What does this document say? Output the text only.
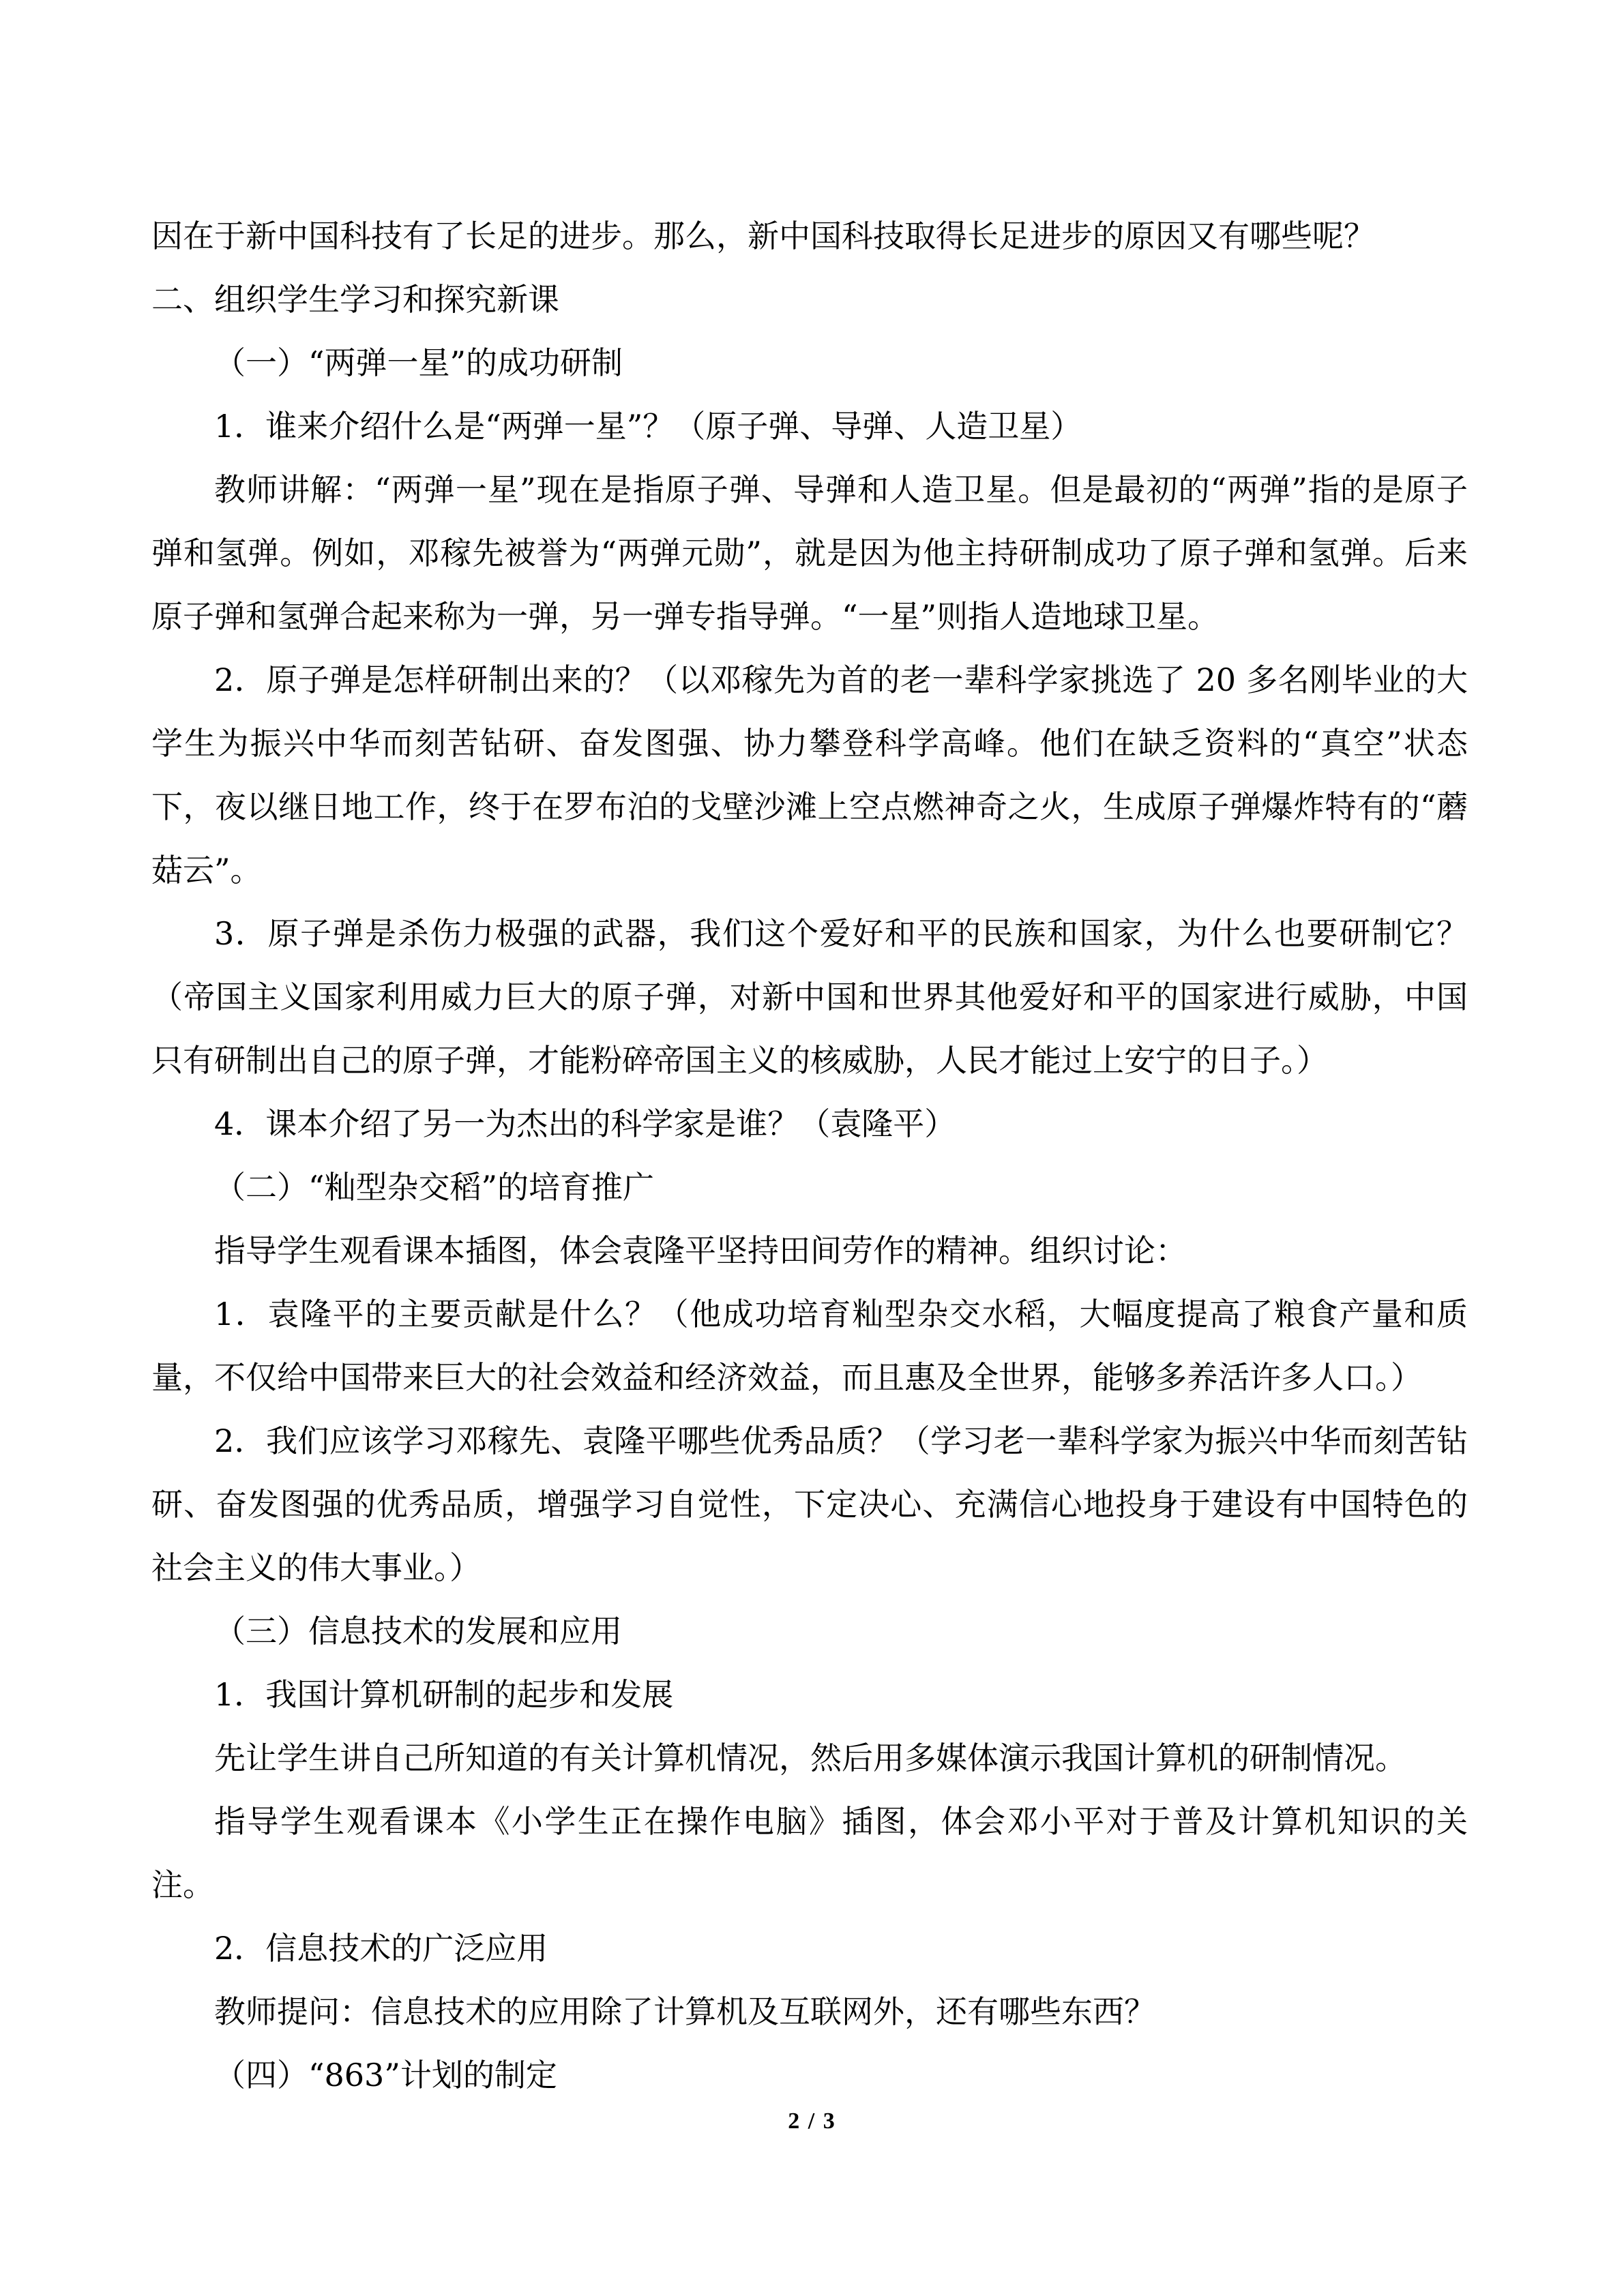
因在于新中国科技有了长足的进步。那么，新中国科技取得长足进步的原因又有哪些呢？

二、组织学生学习和探究新课

（一）“两弹一星”的成功研制

1．谁来介绍什么是“两弹一星”？（原子弹、导弹、人造卫星）

教师讲解：“两弹一星”现在是指原子弹、导弹和人造卫星。但是最初的“两弹”指的是原子弹和氢弹。例如，邓稼先被誉为“两弹元勋”，就是因为他主持研制成功了原子弹和氢弹。后来原子弹和氢弹合起来称为一弹，另一弹专指导弹。“一星”则指人造地球卫星。

2．原子弹是怎样研制出来的？（以邓稼先为首的老一辈科学家挑选了 20 多名刚毕业的大学生为振兴中华而刻苦钻研、奋发图强、协力攀登科学高峰。他们在缺乏资料的“真空”状态下，夜以继日地工作，终于在罗布泊的戈壁沙滩上空点燃神奇之火，生成原子弹爆炸特有的“蘑菇云”。

3．原子弹是杀伤力极强的武器，我们这个爱好和平的民族和国家，为什么也要研制它？（帝国主义国家利用威力巨大的原子弹，对新中国和世界其他爱好和平的国家进行威胁，中国只有研制出自己的原子弹，才能粉碎帝国主义的核威胁，人民才能过上安宁的日子。）

4．课本介绍了另一为杰出的科学家是谁？（袁隆平）

（二）“籼型杂交稻”的培育推广

指导学生观看课本插图，体会袁隆平坚持田间劳作的精神。组织讨论：

1．袁隆平的主要贡献是什么？（他成功培育籼型杂交水稻，大幅度提高了粮食产量和质量，不仅给中国带来巨大的社会效益和经济效益，而且惠及全世界，能够多养活许多人口。）

2．我们应该学习邓稼先、袁隆平哪些优秀品质？（学习老一辈科学家为振兴中华而刻苦钻研、奋发图强的优秀品质，增强学习自觉性，下定决心、充满信心地投身于建设有中国特色的社会主义的伟大事业。）

（三）信息技术的发展和应用

1．我国计算机研制的起步和发展

先让学生讲自己所知道的有关计算机情况，然后用多媒体演示我国计算机的研制情况。

指导学生观看课本《小学生正在操作电脑》插图，体会邓小平对于普及计算机知识的关注。

2．信息技术的广泛应用

教师提问：信息技术的应用除了计算机及互联网外，还有哪些东西？

（四）“863”计划的制定

2 / 3
